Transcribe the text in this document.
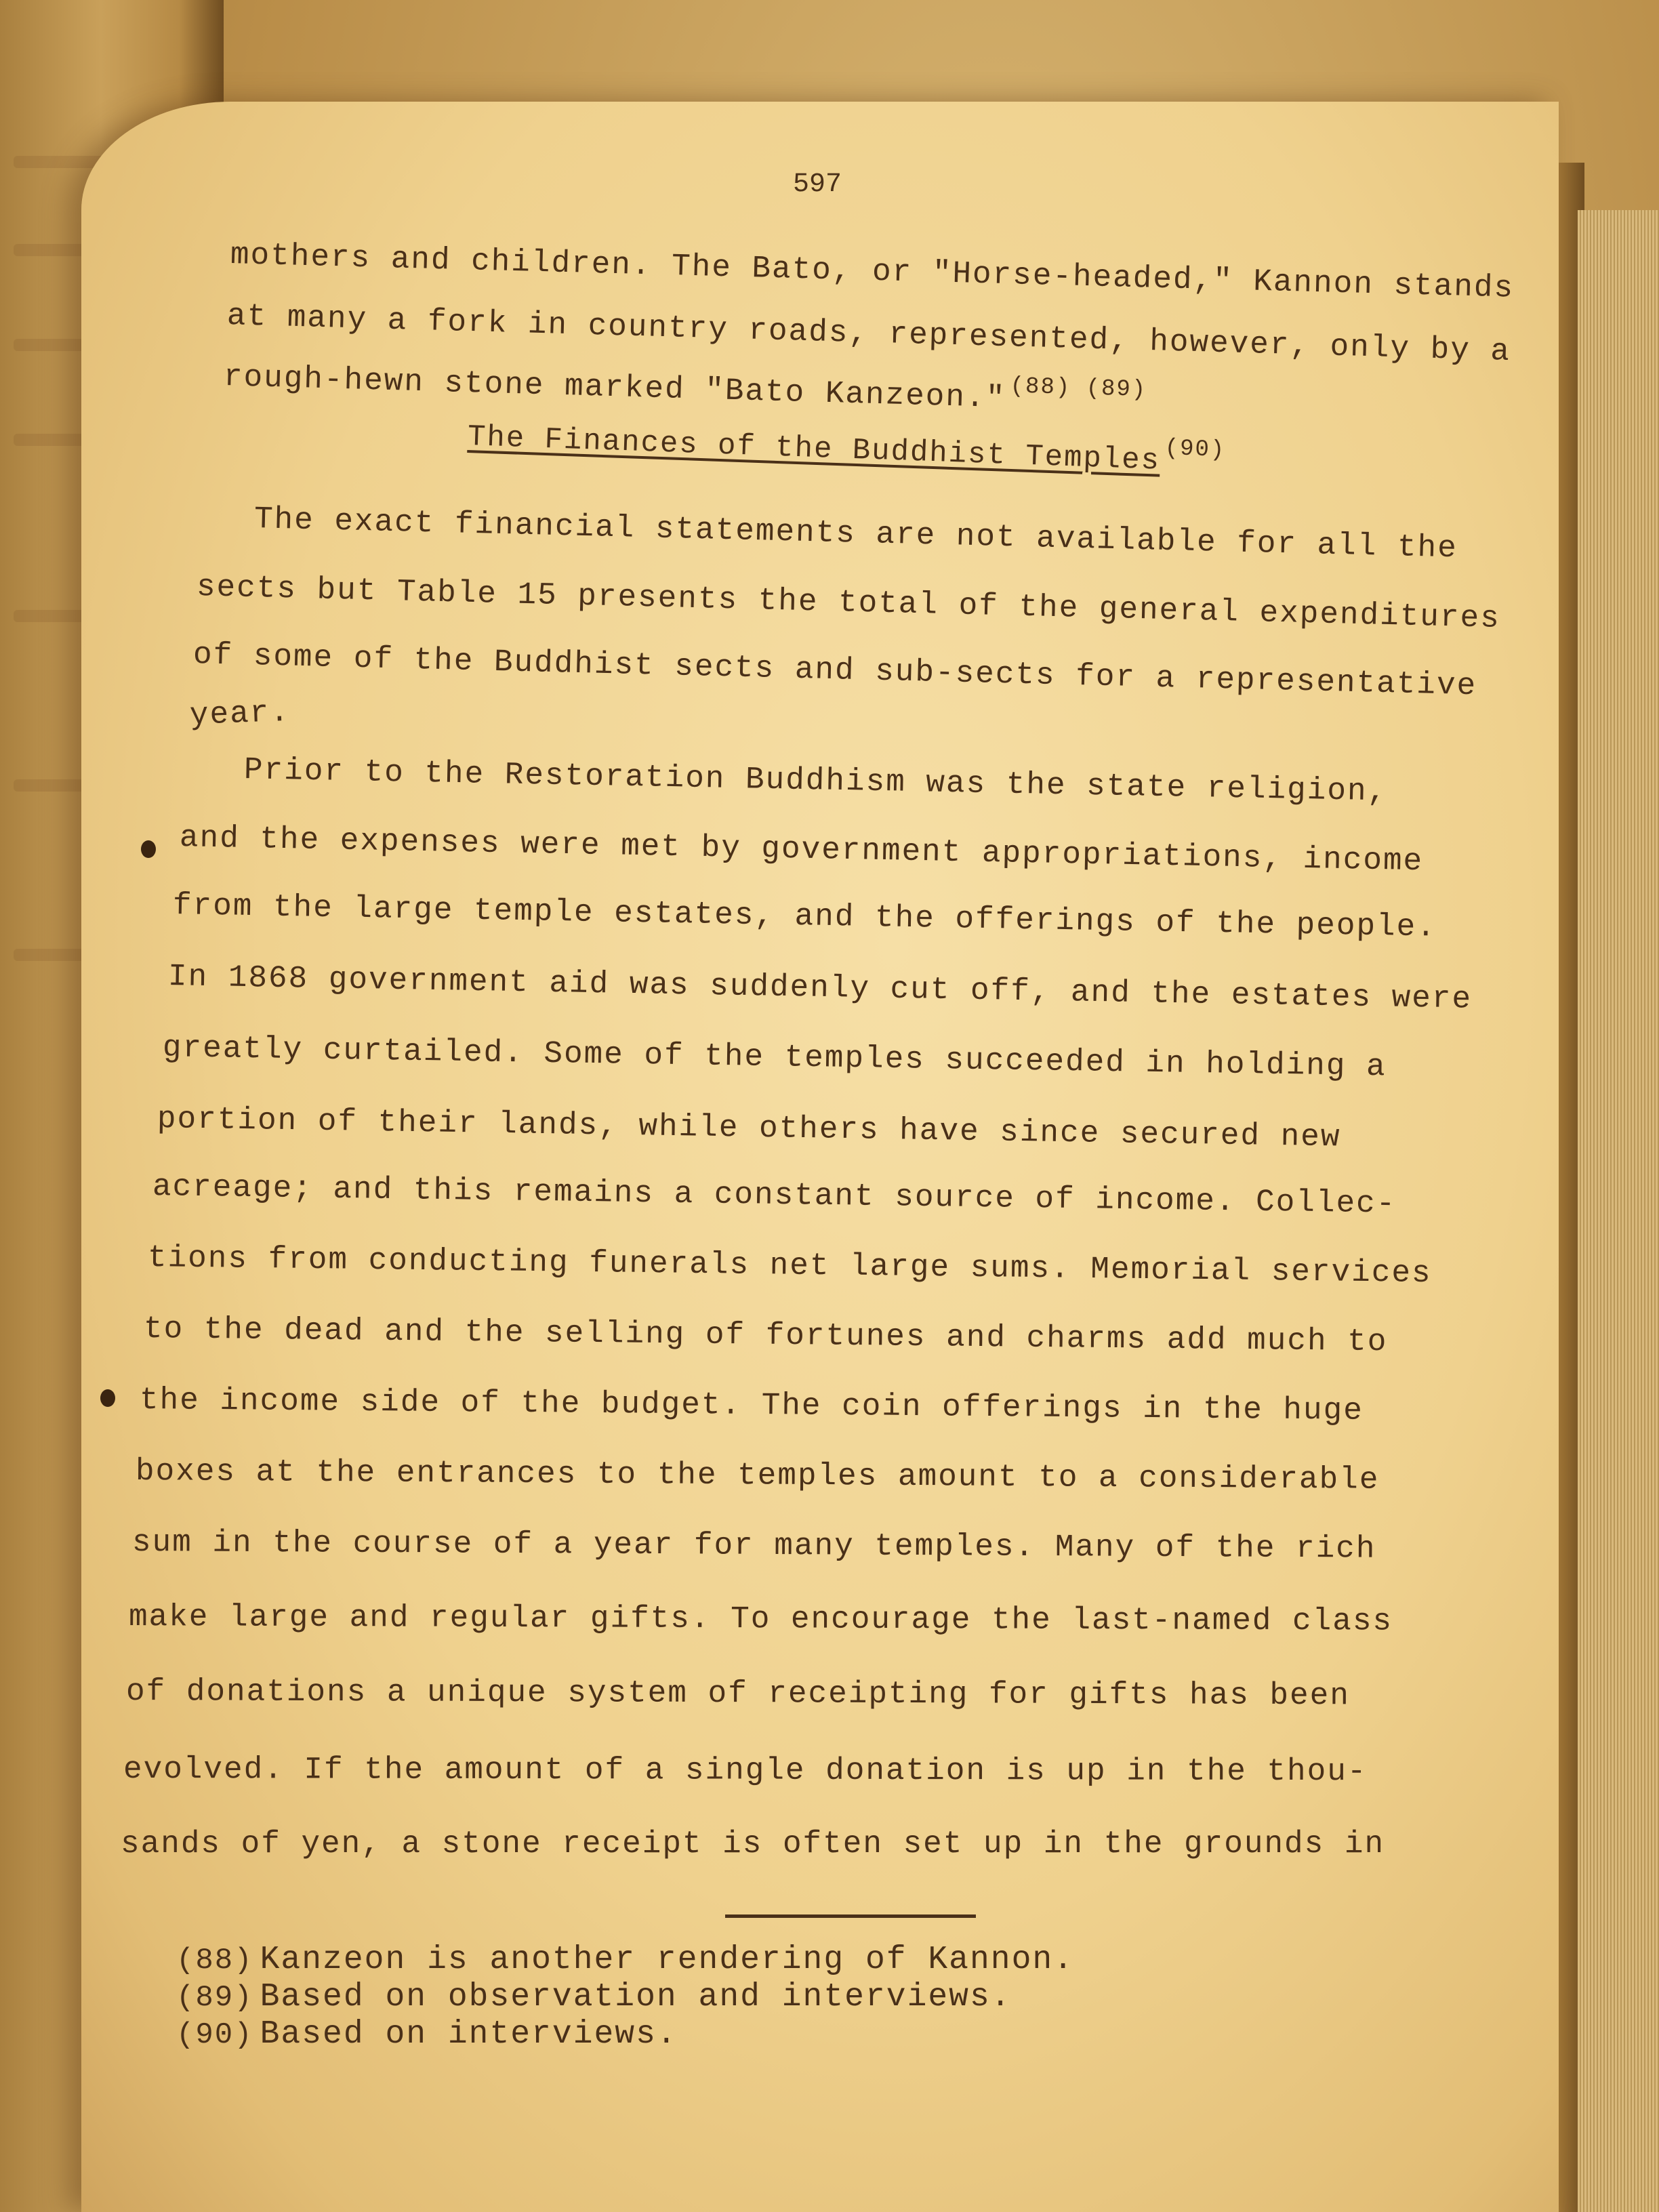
597
mothers and children. The Bato, or "Horse-headed," Kannon stands
at many a fork in country roads, represented, however, only by a
rough-hewn stone marked "Bato Kanzeon." $^{(88) (89)}$
The Finances of the Buddhist Temples $^{(90)}$
The exact financial statements are not available for all the
sects but Table 15 presents the total of the general expenditures
of some of the Buddhist sects and sub-sects for a representative
year.
Prior to the Restoration Buddhism was the state religion,
and the expenses were met by government appropriations, income
from the large temple estates, and the offerings of the people.
In 1868 government aid was suddenly cut off, and the estates were
greatly curtailed. Some of the temples succeeded in holding a
portion of their lands, while others have since secured new
acreage; and this remains a constant source of income. Collec-
tions from conducting funerals net large sums. Memorial services
to the dead and the selling of fortunes and charms add much to
the income side of the budget. The coin offerings in the huge
boxes at the entrances to the temples amount to a considerable
sum in the course of a year for many temples. Many of the rich
make large and regular gifts. To encourage the last-named class
of donations a unique system of receipting for gifts has been
evolved. If the amount of a single donation is up in the thou-
sands of yen, a stone receipt is often set up in the grounds in
(88) Kanzeon is another rendering of Kannon.
(89) Based on observation and interviews.
(90) Based on interviews.
